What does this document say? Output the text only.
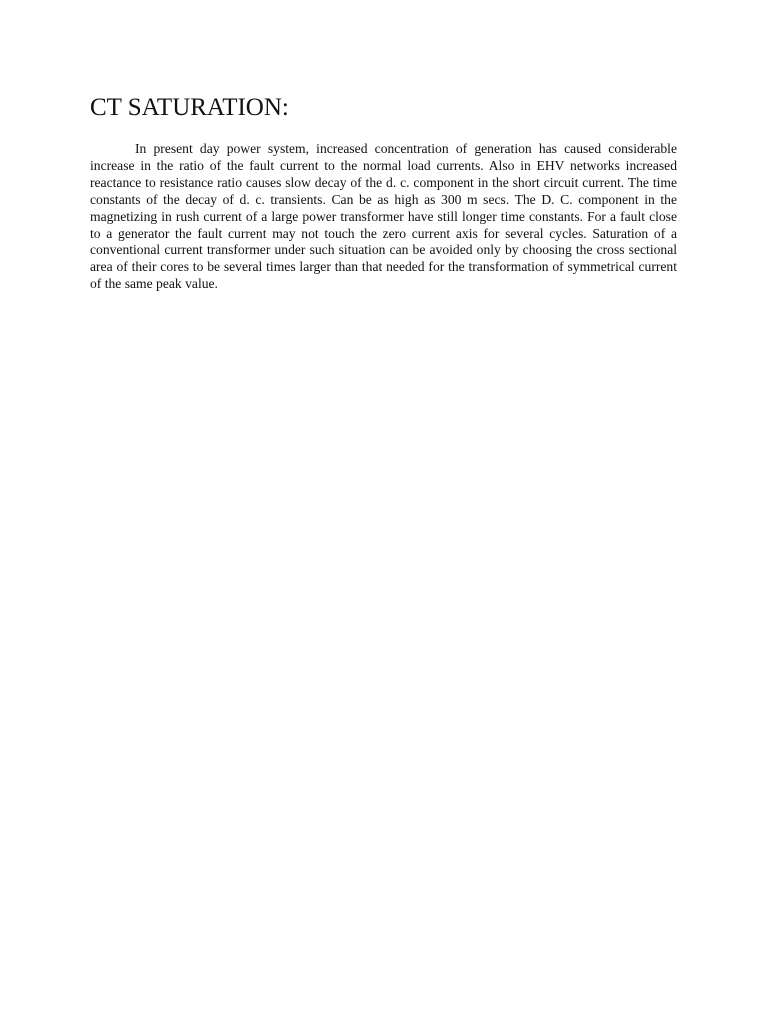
CT SATURATION:

In present day power system, increased concentration of generation has caused considerable increase in the ratio of the fault current to the normal load currents. Also in EHV networks increased reactance to resistance ratio causes slow decay of the d. c. component in the short circuit current. The time constants of the decay of d. c. transients. Can be as high as 300 m secs. The D. C. component in the magnetizing in rush current of a large power transformer have still longer time constants. For a fault close to a generator the fault current may not touch the zero current axis for several cycles. Saturation of a conventional current transformer under such situation can be avoided only by choosing the cross sectional area of their cores to be several times larger than that needed for the transformation of symmetrical current of the same peak value.
